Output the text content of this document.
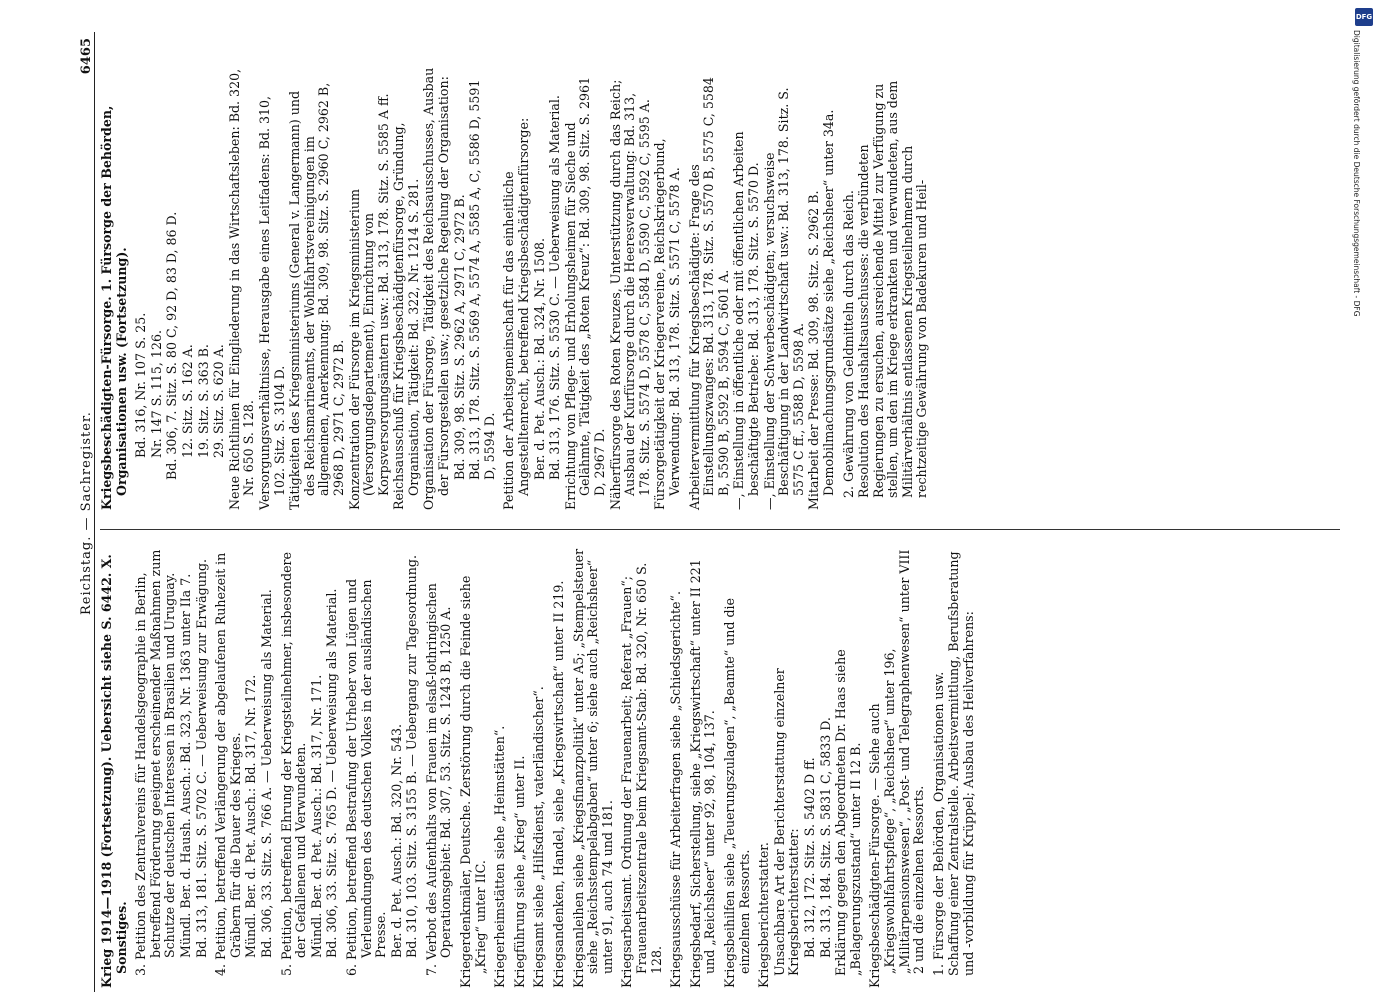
DFG
Digitalisierung gefördert durch die Deutsche Forschungsgemeinschaft - DFG
Reichstag. — Sachregister.
6465

Krieg 1914—1918 (Fortsetzung). Uebersicht siehe S. 6442. X. Sonstiges. 3. Petition des Zentralvereins für Handelsgeographie in Berlin, betreffend Förderung geeignet erscheinender Maßnahmen zum Schutze der deutschen Interessen in Brasilien und Uruguay. Mündl. Ber. d. Haush. Ausch.: Bd. 323, Nr. 1363 unter IIa 7. Bd. 313, 181. Sitz. S. 5702 C. — Ueberweisung zur Erwägung. 4. Petition, betreffend Verlängerung der abgelaufenen Ruhezeit in Gräbern für die Dauer des Krieges. Mündl. Ber. d. Pet. Ausch.: Bd. 317, Nr. 172. Bd. 306, 33. Sitz. S. 766 A. — Ueberweisung als Material. 5. Petition, betreffend Ehrung der Kriegsteilnehmer, insbesondere der Gefallenen und Verwundeten. Mündl. Ber. d. Pet. Ausch.: Bd. 317, Nr. 171. Bd. 306, 33. Sitz. S. 765 D. — Ueberweisung als Material. 6. Petition, betreffend Bestrafung der Urheber von Lügen und Verleumdungen des deutschen Volkes in der ausländischen Presse. Ber. d. Pet. Ausch.: Bd. 320, Nr. 543. Bd. 310, 103. Sitz. S. 3155 B. — Uebergang zur Tagesordnung. 7. Verbot des Aufenthalts von Frauen im elsaß-lothringischen Operationsgebiet: Bd. 307, 53. Sitz. S. 1243 B, 1250 A. Kriegerdenkmäler, Deutsche. Zerstörung durch die Feinde siehe „Krieg“ unter IIC. Kriegerheimstätten siehe „Heimstätten“. Kriegführung siehe „Krieg“ unter II. Kriegsamt siehe „Hilfsdienst, vaterländischer“. Kriegsandenken, Handel, siehe „Kriegswirtschaft“ unter II 219. Kriegsanleihen siehe „Kriegsfinanzpolitik“ unter A5; „Stempelsteuer siehe „Reichsstempelabgaben“ unter 6; siehe auch „Reichsheer“ unter 91, auch 74 und 181. Kriegsarbeitsamt. Ordnung der Frauenarbeit; Referat „Frauen“; Frauenarbeitszentrale beim Kriegsamt-Stab: Bd. 320, Nr. 650 S. 128. Kriegsausschüsse für Arbeiterfragen siehe „Schiedsgerichte“. Kriegsbedarf, Sicherstellung, siehe „Kriegswirtschaft“ unter II 221 und „Reichsheer“ unter 92, 98, 104, 137. Kriegsbeihilfen siehe „Teuerungszulagen“, „Beamte“ und die einzelnen Ressorts. Kriegsberichterstatter. Unsachbare Art der Berichterstattung einzelner Kriegsberichterstatter: Bd. 312, 172. Sitz. S. 5402 D ff. Bd. 313, 184. Sitz. S. 5831 C, 5833 D. Erklärung gegen den Abgeordneten Dr. Haas siehe „Belagerungszustand“ unter II 12 B. Kriegsbeschädigten-Fürsorge. — Siehe auch „Kriegswohlfahrtspflege“, „Reichsheer“ unter 196, „Militärpensionswesen“, „Post- und Telegraphenwesen“ unter VIII 2 und die einzelnen Ressorts. 1. Fürsorge der Behörden, Organisationen usw. Schaffung einer Zentralstelle. Arbeitsvermittlung, Berufsberatung und -vorbildung für Krüppel; Ausbau des Heilverfahrens:

Kriegsbeschädigten-Fürsorge. 1. Fürsorge der Behörden, Organisationen usw. (Fortsetzung). Bd. 316, Nr. 107 S. 25. Nr. 147 S. 115, 126. Bd. 306, 7. Sitz. S. 80 C, 92 D, 83 D, 86 D. 12. Sitz. S. 162 A. 19. Sitz. S. 363 B. 29. Sitz. S. 620 A. Neue Richtlinien für Eingliederung in das Wirtschaftsleben: Bd. 320, Nr. 650 S. 128. Versorgungsverhältnisse, Herausgabe eines Leitfadens: Bd. 310, 102. Sitz. S. 3104 D. Tätigkeiten des Kriegsministeriums (General v. Langermann) und des Reichsmarineamts, der Wohlfahrtsvereinigungen im allgemeinen, Anerkennung: Bd. 309, 98. Sitz. S. 2960 C, 2962 B, 2968 D, 2971 C, 2972 B. Konzentration der Fürsorge im Kriegsministerium (Versorgungsdepartement), Einrichtung von Korpsversorgungsämtern usw.: Bd. 313, 178. Sitz. S. 5585 A ff. Reichsausschuß für Kriegsbeschädigtenfürsorge, Gründung, Organisation, Tätigkeit: Bd. 322, Nr. 1214 S. 281. Organisation der Fürsorge, Tätigkeit des Reichsausschusses, Ausbau der Fürsorgestellen usw.; gesetzliche Regelung der Organisation: Bd. 309, 98. Sitz. S. 2962 A, 2971 C, 2972 B. Bd. 313, 178. Sitz. S. 5569 A, 5574 A, 5585 A, C, 5586 D, 5591 D, 5594 D. Petition der Arbeitsgemeinschaft für das einheitliche Angestelltenrecht, betreffend Kriegsbeschädigtenfürsorge: Ber. d. Pet. Ausch.: Bd. 324, Nr. 1508. Bd. 313, 176. Sitz. S. 5530 C. — Ueberweisung als Material. Errichtung von Pflege- und Erholungsheimen für Sieche und Gelähmte, Tätigkeit des „Roten Kreuz“: Bd. 309, 98. Sitz. S. 2961 D, 2967 D. Näherfürsorge des Roten Kreuzes, Unterstützung durch das Reich; Ausbau der Kurfürsorge durch die Heeresverwaltung: Bd. 313, 178. Sitz. S. 5574 D, 5578 C, 5584 D, 5590 C, 5592 C, 5595 A. Fürsorgetätigkeit der Kriegervereine, Reichskriegerbund, Verwendung: Bd. 313, 178. Sitz. S. 5571 C, 5578 A. Arbeitervermittlung für Kriegsbeschädigte: Frage des Einstellungszwanges: Bd. 313, 178. Sitz. S. 5570 B, 5575 C, 5584 B, 5590 B, 5592 B, 5594 C, 5601 A. —, Einstellung in öffentliche oder mit öffentlichen Arbeiten beschäftigte Betriebe: Bd. 313, 178. Sitz. S. 5570 D. —, Einstellung der Schwerbeschädigten; versuchsweise Beschäftigung in der Landwirtschaft usw.: Bd. 313, 178. Sitz. S. 5575 C ff., 5588 D, 5598 A. Mitarbeit der Presse: Bd. 309, 98. Sitz. S. 2962 B. Demobilmachungsgrundsätze siehe „Reichsheer“ unter 34a. 2. Gewährung von Geldmitteln durch das Reich. Resolution des Haushaltsausschusses: die verbündeten Regierungen zu ersuchen, ausreichende Mittel zur Verfügung zu stellen, um den im Kriege erkrankten und verwundeten, aus dem Militärverhältnis entlassenen Kriegsteilnehmern durch rechtzeitige Gewährung von Badekuren und Heil-
